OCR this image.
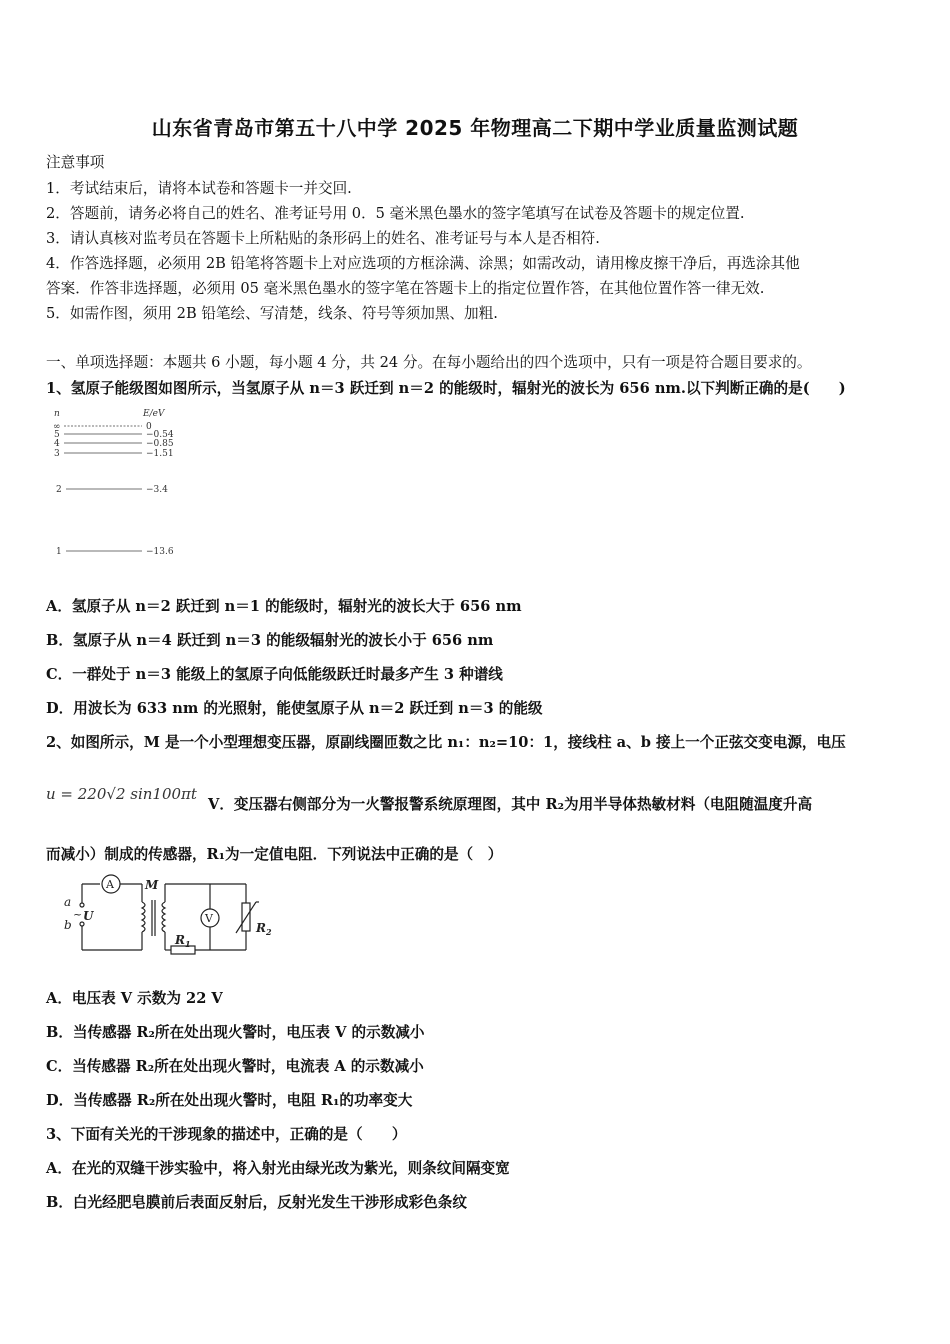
山东省青岛市第五十八中学 2025 年物理高二下期中学业质量监测试题
注意事项
1．考试结束后，请将本试卷和答题卡一并交回.
2．答题前，请务必将自己的姓名、准考证号用 0．5 毫米黑色墨水的签字笔填写在试卷及答题卡的规定位置.
3．请认真核对监考员在答题卡上所粘贴的条形码上的姓名、准考证号与本人是否相符.
4．作答选择题，必须用 2B 铅笔将答题卡上对应选项的方框涂满、涂黑；如需改动，请用橡皮擦干净后，再选涂其他
答案．作答非选择题，必须用 05 毫米黑色墨水的签字笔在答题卡上的指定位置作答，在其他位置作答一律无效.
5．如需作图，须用 2B 铅笔绘、写清楚，线条、符号等须加黑、加粗.
一、单项选择题：本题共 6 小题，每小题 4 分，共 24 分。在每小题给出的四个选项中，只有一项是符合题目要求的。
1、氢原子能级图如图所示，当氢原子从 n＝3 跃迁到 n＝2 的能级时，辐射光的波长为 656 nm.以下判断正确的是(　　)
n	E/eV
∞	0
5	−0.54
4	−0.85
3	−1.51
2	−3.4
1	−13.6
A．氢原子从 n＝2 跃迁到 n＝1 的能级时，辐射光的波长大于 656 nm
B．氢原子从 n＝4 跃迁到 n＝3 的能级辐射光的波长小于 656 nm
C．一群处于 n＝3 能级上的氢原子向低能级跃迁时最多产生 3 种谱线
D．用波长为 633 nm 的光照射，能使氢原子从 n＝2 跃迁到 n＝3 的能级
2、如图所示，M 是一个小型理想变压器，原副线圈匝数之比 n₁：n₂=10：1，接线柱 a、b 接上一个正弦交变电源，电压
u = 220√2 sin100πt
V．变压器右侧部分为一火警报警系统原理图，其中 R₂为用半导体热敏材料（电阻随温度升高
而减小）制成的传感器，R₁为一定值电阻．下列说法中正确的是（　）
A	M
a
~ U
b	V
$R_1$
$R_2$
A．电压表 V 示数为 22 V
B．当传感器 R₂所在处出现火警时，电压表 V 的示数减小
C．当传感器 R₂所在处出现火警时，电流表 A 的示数减小
D．当传感器 R₂所在处出现火警时，电阻 R₁的功率变大
3、下面有关光的干涉现象的描述中，正确的是（　　）
A．在光的双缝干涉实验中，将入射光由绿光改为紫光，则条纹间隔变宽
B．白光经肥皂膜前后表面反射后，反射光发生干涉形成彩色条纹
